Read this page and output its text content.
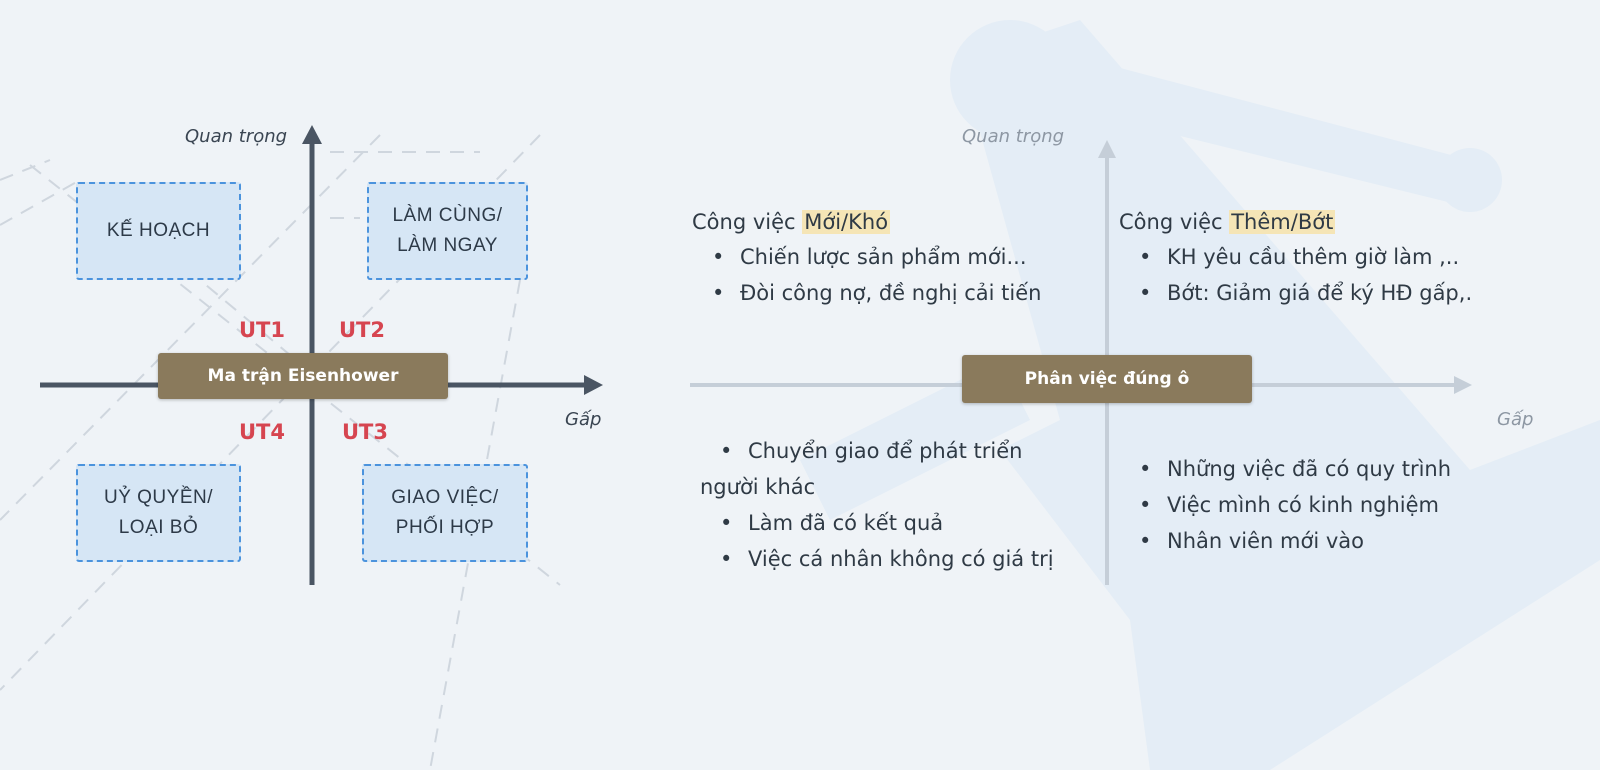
Quan trọng
Gấp
KẾ HOẠCH
LÀM CÙNG/
LÀM NGAY
UỶ QUYỀN/
LOẠI BỎ
GIAO VIỆC/
PHỐI HỢP
UT1	UT2
UT4	UT3
Ma trận Eisenhower
Quan trọng
Gấp
Công việc Mới/Khó
• Chiến lược sản phẩm mới...
• Đòi công nợ, đề nghị cải tiến
Công việc Thêm/Bớt
• KH yêu cầu thêm giờ làm ,..
• Bớt: Giảm giá để ký HĐ gấp,.
• Chuyển giao để phát triển
người khác
• Làm đã có kết quả
• Việc cá nhân không có giá trị
• Những việc đã có quy trình
• Việc mình có kinh nghiệm
• Nhân viên mới vào
Phân việc đúng ô
